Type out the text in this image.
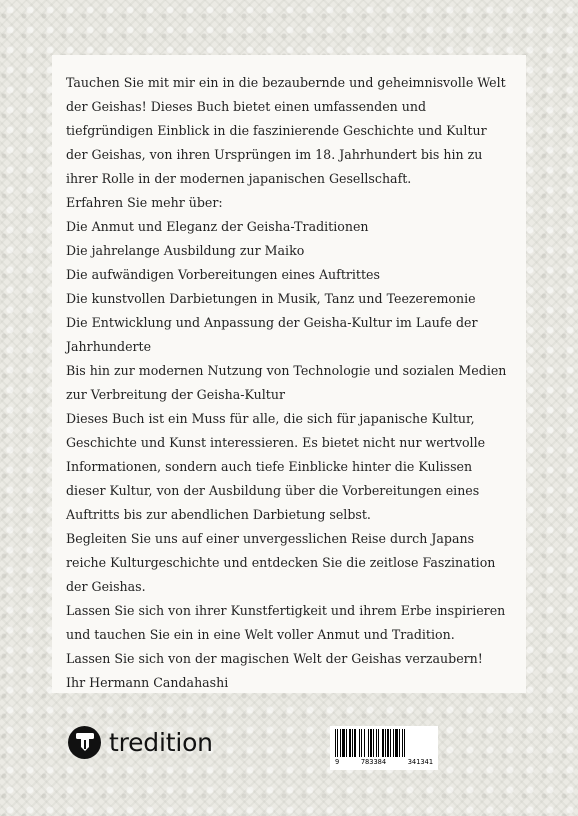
Tauchen Sie mit mir ein in die bezaubernde und geheimnisvolle Welt der Geishas! Dieses Buch bietet einen umfassenden und tiefgründigen Einblick in die faszinierende Geschichte und Kultur der Geishas, von ihren Ursprüngen im 18. Jahrhundert bis hin zu ihrer Rolle in der modernen japanischen Gesellschaft.

Erfahren Sie mehr über:

Die Anmut und Eleganz der Geisha-Traditionen

Die jahrelange Ausbildung zur Maiko

Die aufwändigen Vorbereitungen eines Auftrittes

Die kunstvollen Darbietungen in Musik, Tanz und Teezeremonie

Die Entwicklung und Anpassung der Geisha-Kultur im Laufe der Jahrhunderte

Bis hin zur modernen Nutzung von Technologie und sozialen Medien zur Verbreitung der Geisha-Kultur

Dieses Buch ist ein Muss für alle, die sich für japanische Kultur, Geschichte und Kunst interessieren. Es bietet nicht nur wertvolle Informationen, sondern auch tiefe Einblicke hinter die Kulissen dieser Kultur, von der Ausbildung über die Vorbereitungen eines Auftritts bis zur abendlichen Darbietung selbst.

Begleiten Sie uns auf einer unvergesslichen Reise durch Japans reiche Kulturgeschichte und entdecken Sie die zeitlose Faszination der Geishas.

Lassen Sie sich von ihrer Kunstfertigkeit und ihrem Erbe inspirieren und tauchen Sie ein in eine Welt voller Anmut und Tradition.

Lassen Sie sich von der magischen Welt der Geishas verzaubern!

Ihr Hermann Candahashi

tredition
9	783384	341341
